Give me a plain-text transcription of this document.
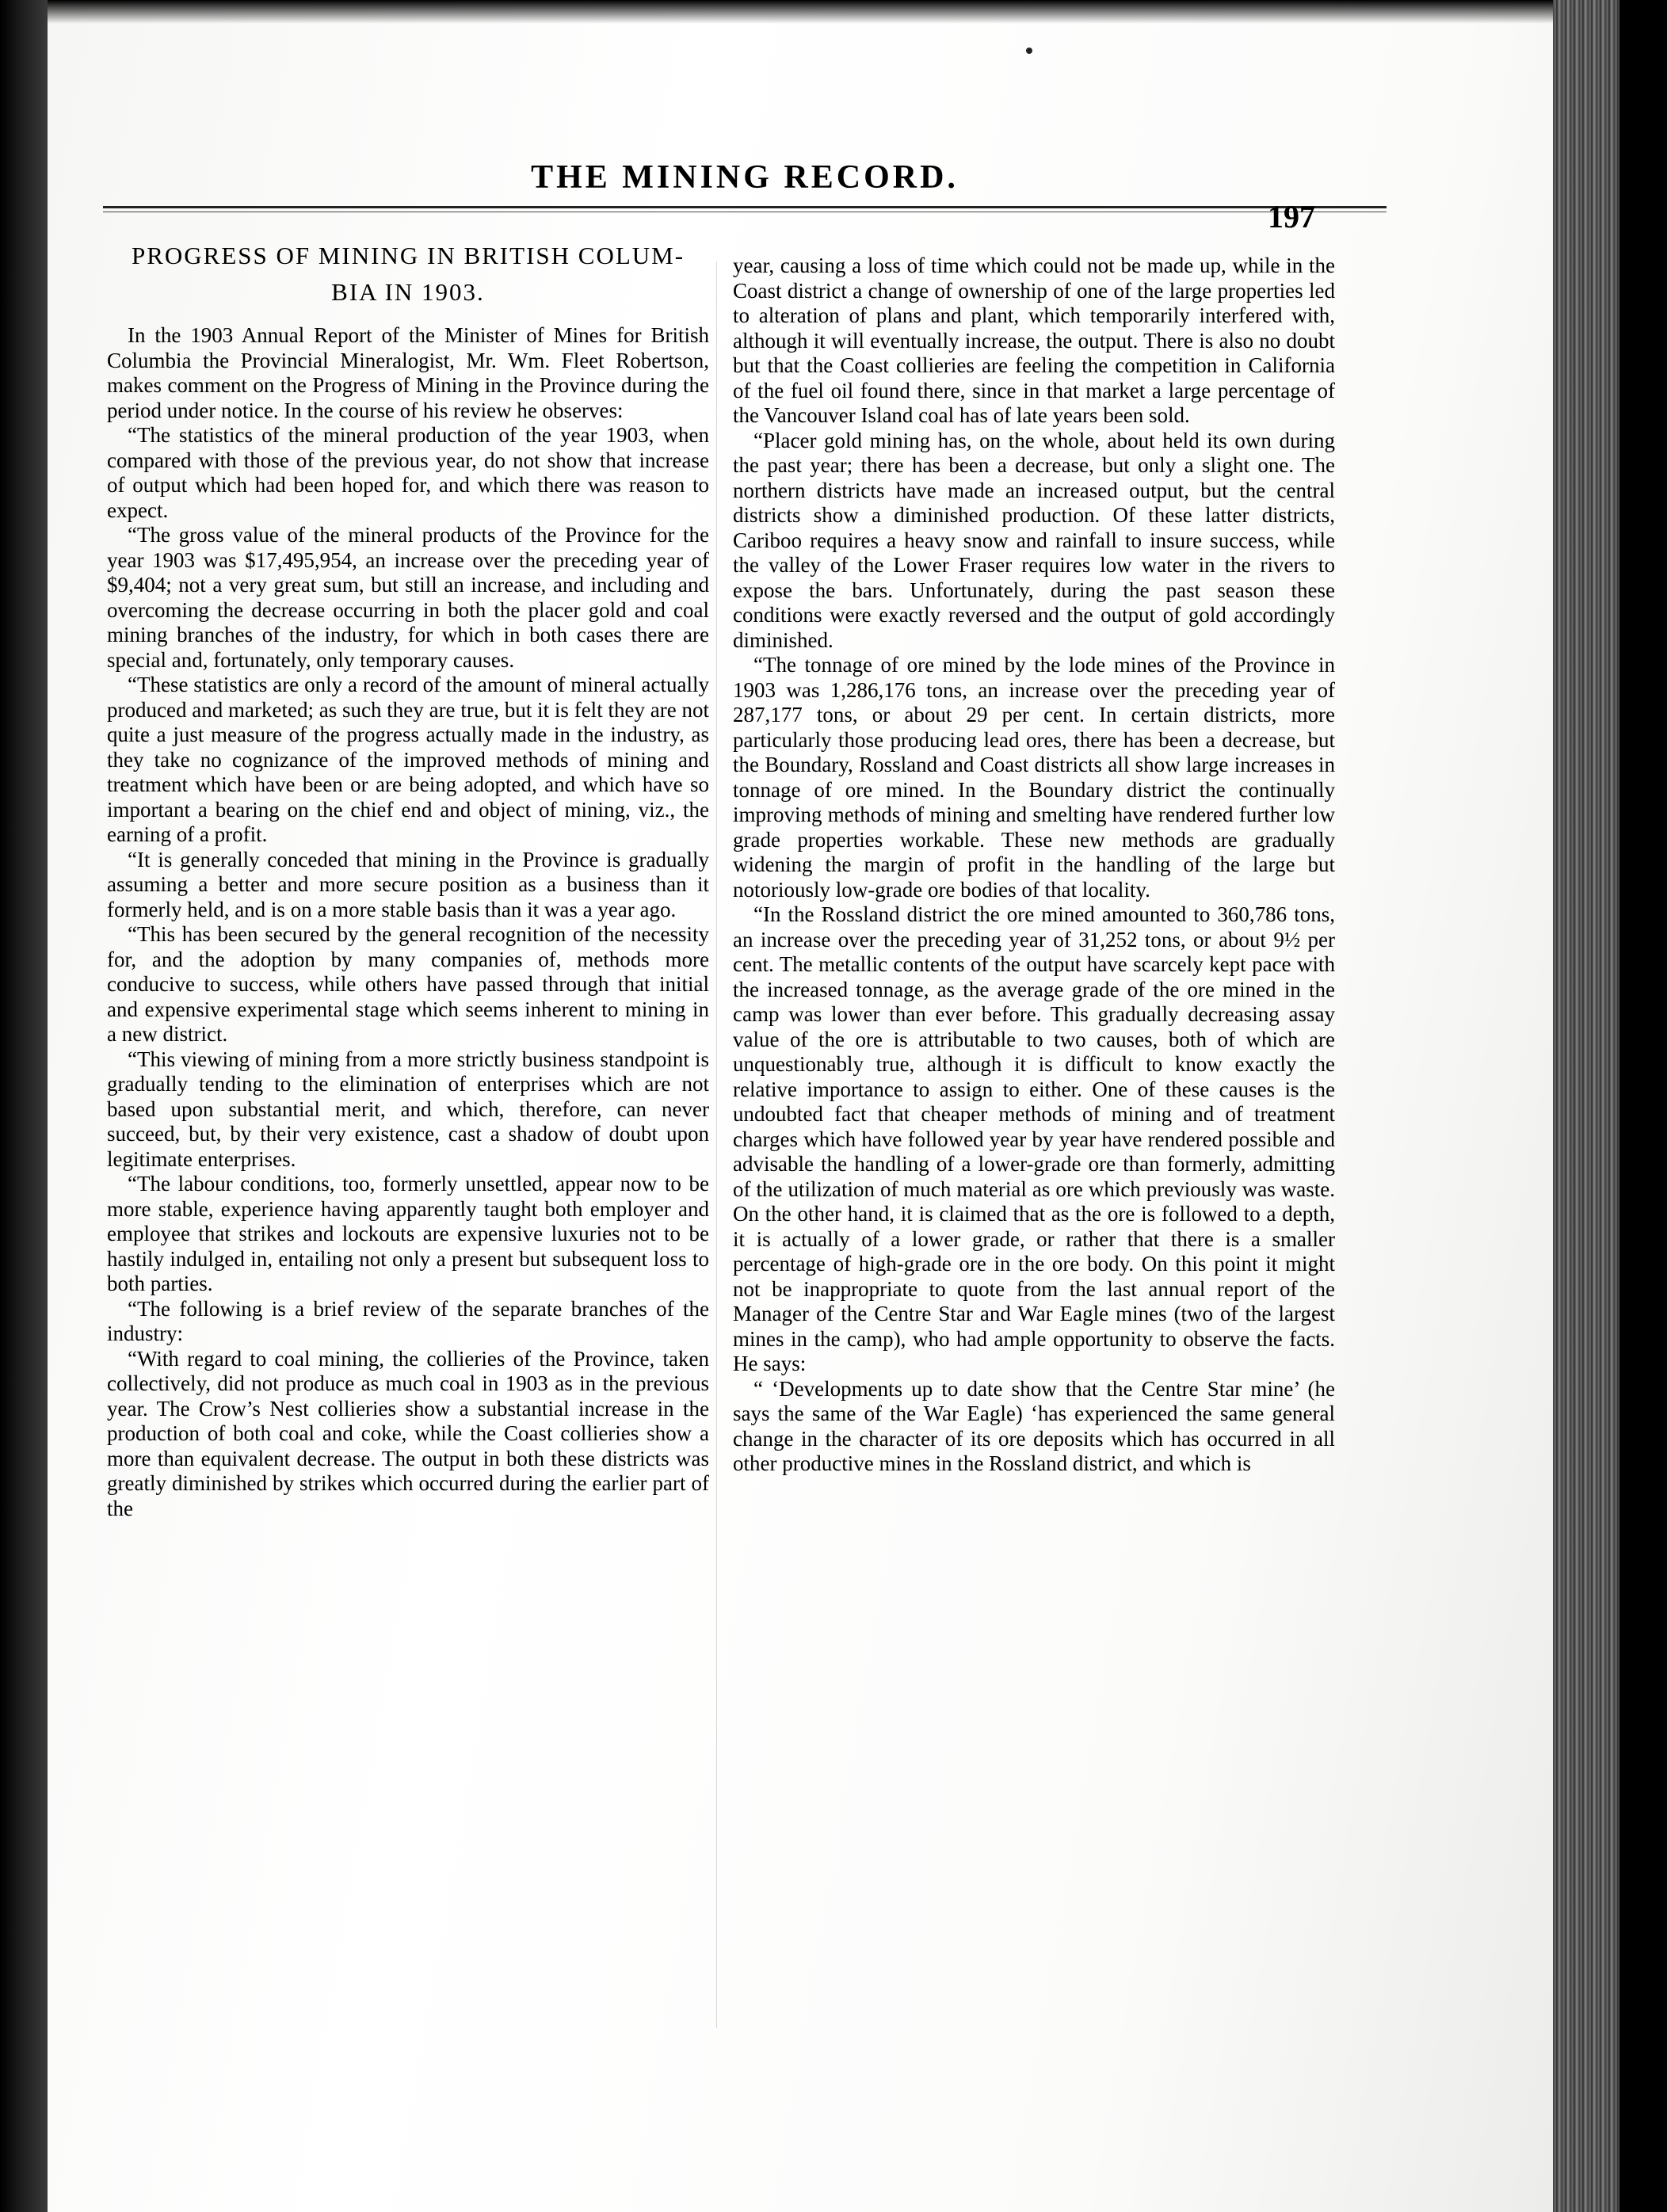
THE MINING RECORD.
197
PROGRESS OF MINING IN BRITISH COLUM-
BIA IN 1903.

In the 1903 Annual Report of the Minister of Mines for British Columbia the Provincial Mineralogist, Mr. Wm. Fleet Robertson, makes comment on the Progress of Mining in the Province during the period under notice. In the course of his review he observes:

“The statistics of the mineral production of the year 1903, when compared with those of the previous year, do not show that increase of output which had been hoped for, and which there was reason to expect.

“The gross value of the mineral products of the Province for the year 1903 was $17,495,954, an increase over the preceding year of $9,404; not a very great sum, but still an increase, and including and overcoming the decrease occurring in both the placer gold and coal mining branches of the industry, for which in both cases there are special and, fortunately, only temporary causes.

“These statistics are only a record of the amount of mineral actually produced and marketed; as such they are true, but it is felt they are not quite a just measure of the progress actually made in the industry, as they take no cognizance of the improved methods of mining and treatment which have been or are being adopted, and which have so important a bearing on the chief end and object of mining, viz., the earning of a profit.

“It is generally conceded that mining in the Province is gradually assuming a better and more secure position as a business than it formerly held, and is on a more stable basis than it was a year ago.

“This has been secured by the general recognition of the necessity for, and the adoption by many companies of, methods more conducive to success, while others have passed through that initial and expensive experimental stage which seems inherent to mining in a new district.

“This viewing of mining from a more strictly business standpoint is gradually tending to the elimination of enterprises which are not based upon substantial merit, and which, therefore, can never succeed, but, by their very existence, cast a shadow of doubt upon legitimate enterprises.

“The labour conditions, too, formerly unsettled, appear now to be more stable, experience having apparently taught both employer and employee that strikes and lockouts are expensive luxuries not to be hastily indulged in, entailing not only a present but subsequent loss to both parties.

“The following is a brief review of the separate branches of the industry:

“With regard to coal mining, the collieries of the Province, taken collectively, did not produce as much coal in 1903 as in the previous year. The Crow’s Nest collieries show a substantial increase in the production of both coal and coke, while the Coast collieries show a more than equivalent decrease. The output in both these districts was greatly diminished by strikes which occurred during the earlier part of the

year, causing a loss of time which could not be made up, while in the Coast district a change of ownership of one of the large properties led to alteration of plans and plant, which temporarily interfered with, although it will eventually increase, the output. There is also no doubt but that the Coast collieries are feeling the competition in California of the fuel oil found there, since in that market a large percentage of the Vancouver Island coal has of late years been sold.

“Placer gold mining has, on the whole, about held its own during the past year; there has been a decrease, but only a slight one. The northern districts have made an increased output, but the central districts show a diminished production. Of these latter districts, Cariboo requires a heavy snow and rainfall to insure success, while the valley of the Lower Fraser requires low water in the rivers to expose the bars. Unfortunately, during the past season these conditions were exactly reversed and the output of gold accordingly diminished.

“The tonnage of ore mined by the lode mines of the Province in 1903 was 1,286,176 tons, an increase over the preceding year of 287,177 tons, or about 29 per cent. In certain districts, more particularly those producing lead ores, there has been a decrease, but the Boundary, Rossland and Coast districts all show large increases in tonnage of ore mined. In the Boundary district the continually improving methods of mining and smelting have rendered further low grade properties workable. These new methods are gradually widening the margin of profit in the handling of the large but notoriously low-grade ore bodies of that locality.

“In the Rossland district the ore mined amounted to 360,786 tons, an increase over the preceding year of 31,252 tons, or about 9½ per cent. The metallic contents of the output have scarcely kept pace with the increased tonnage, as the average grade of the ore mined in the camp was lower than ever before. This gradually decreasing assay value of the ore is attributable to two causes, both of which are unquestionably true, although it is difficult to know exactly the relative importance to assign to either. One of these causes is the undoubted fact that cheaper methods of mining and of treatment charges which have followed year by year have rendered possible and advisable the handling of a lower-grade ore than formerly, admitting of the utilization of much material as ore which previously was waste. On the other hand, it is claimed that as the ore is followed to a depth, it is actually of a lower grade, or rather that there is a smaller percentage of high-grade ore in the ore body. On this point it might not be inappropriate to quote from the last annual report of the Manager of the Centre Star and War Eagle mines (two of the largest mines in the camp), who had ample opportunity to observe the facts. He says:

“ ‘Developments up to date show that the Centre Star mine’ (he says the same of the War Eagle) ‘has experienced the same general change in the character of its ore deposits which has occurred in all other productive mines in the Rossland district, and which is
